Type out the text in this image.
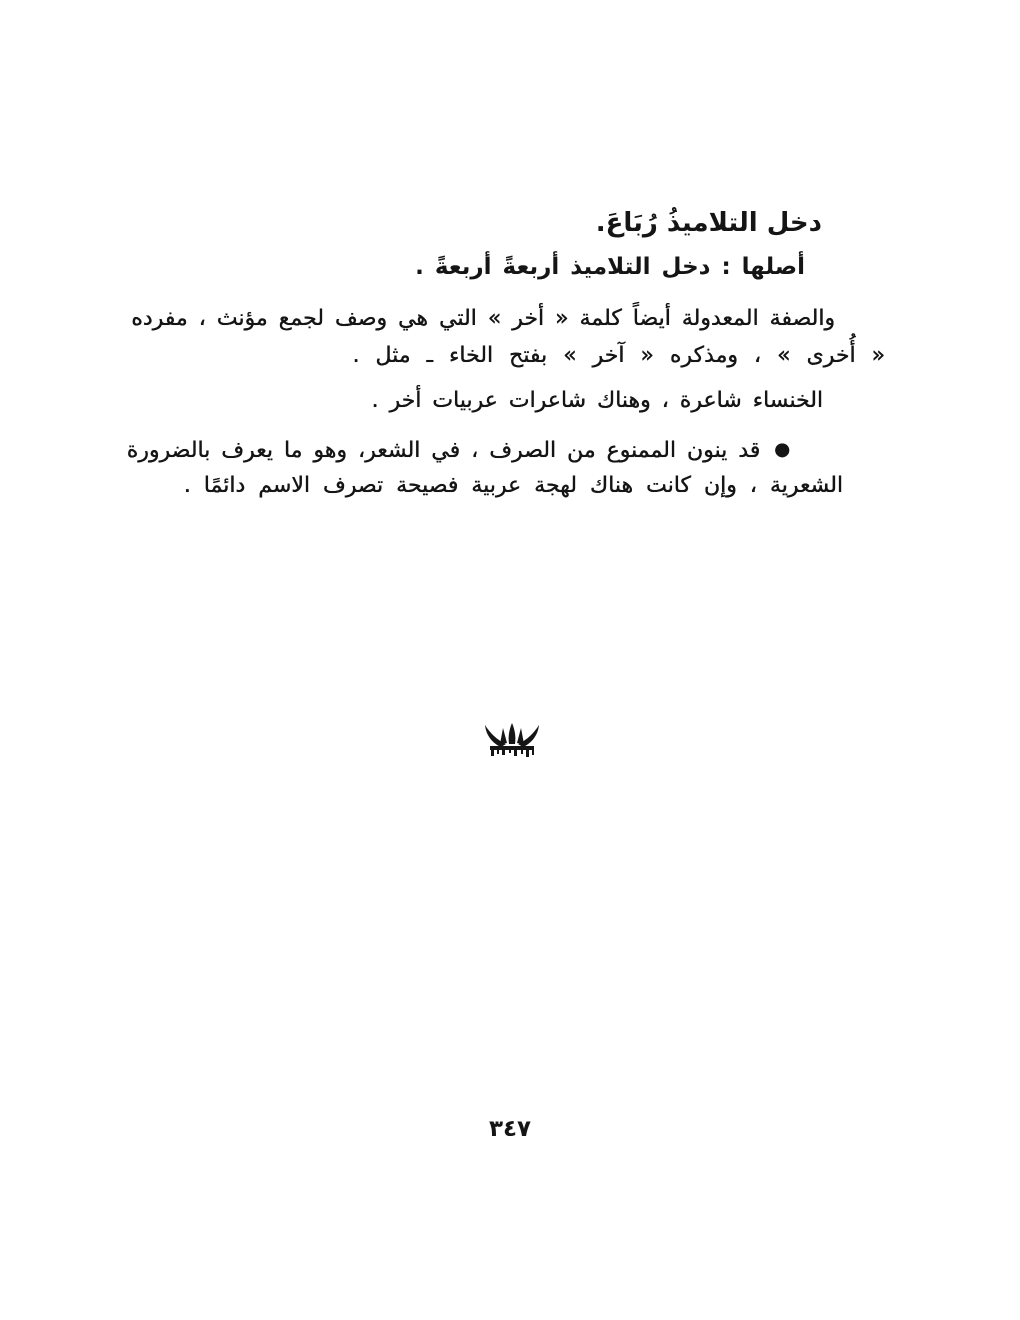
دخل التلاميذُ رُبَاعَ.
أصلها : دخل التلاميذ أربعةً أربعةً .
والصفة المعدولة أيضاً كلمة « أخر » التي هي وصف لجمع مؤنث ، مفرده
« أُخرى » ، ومذكره « آخر » بفتح الخاء ـ مثل .
الخنساء شاعرة ، وهناك شاعرات عربيات أخر .
●قد ينون الممنوع من الصرف ، في الشعر، وهو ما يعرف بالضرورة
الشعرية ، وإن كانت هناك لهجة عربية فصيحة تصرف الاسم دائمًا .
٣٤٧
